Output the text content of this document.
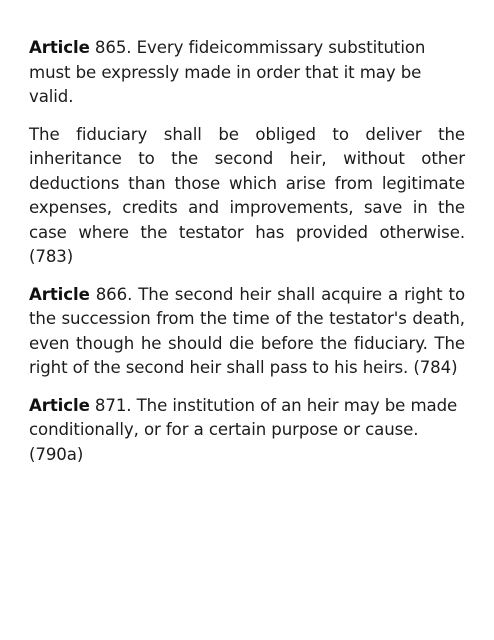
Article 865. Every fideicommissary substitution must be expressly made in order that it may be valid.

The fiduciary shall be obliged to deliver the inheritance to the second heir, without other deductions than those which arise from legitimate expenses, credits and improvements, save in the case where the testator has provided otherwise. (783)

Article 866. The second heir shall acquire a right to the succession from the time of the testator's death, even though he should die before the fiduciary. The right of the second heir shall pass to his heirs. (784)

Article 871. The institution of an heir may be made conditionally, or for a certain purpose or cause. (790a)
